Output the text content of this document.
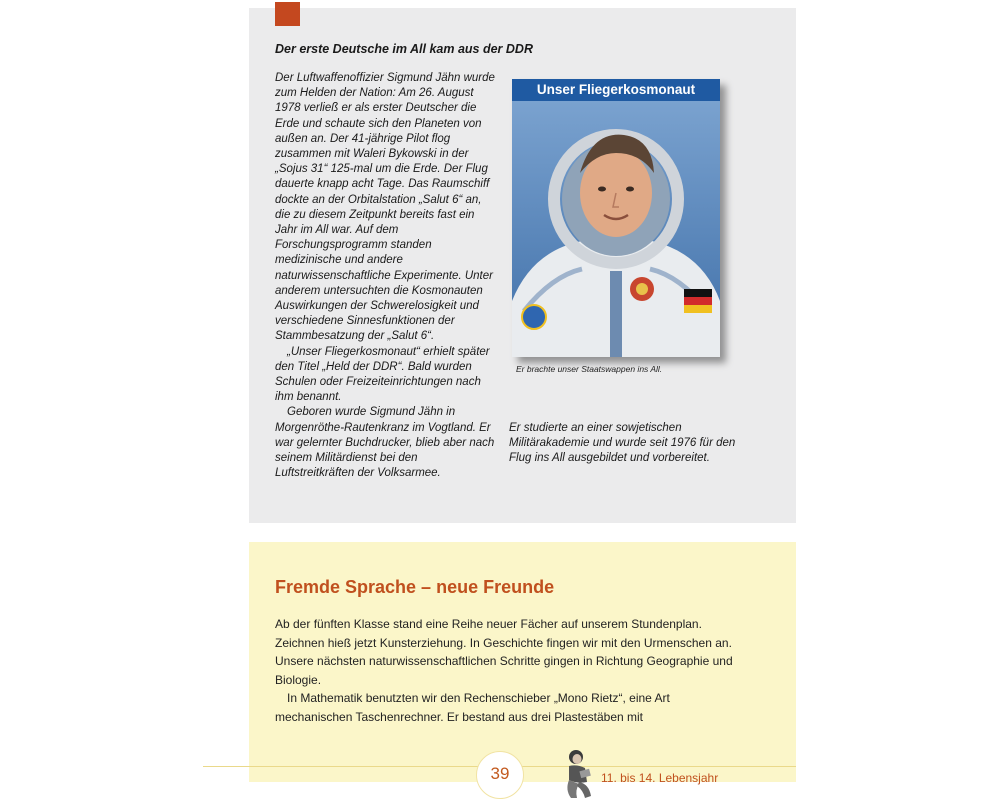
Der erste Deutsche im All kam aus der DDR

Der Luftwaffenoffizier Sigmund Jähn wurde zum Helden der Nation: Am 26. August 1978 verließ er als erster Deutscher die Erde und schaute sich den Planeten von außen an. Der 41-jährige Pilot flog zusammen mit Waleri Bykowski in der „Sojus 31“ 125-mal um die Erde. Der Flug dauerte knapp acht Tage. Das Raumschiff dockte an der Orbitalstation „Salut 6“ an, die zu diesem Zeitpunkt bereits fast ein Jahr im All war. Auf dem Forschungsprogramm standen medizinische und andere naturwissenschaftliche Experimente. Unter anderem untersuchten die Kosmonauten Auswirkungen der Schwerelosigkeit und verschiedene Sinnesfunktionen der Stammbesatzung der „Salut 6“.

„Unser Fliegerkosmonaut“ erhielt später den Titel „Held der DDR“. Bald wurden Schulen oder Freizeiteinrichtungen nach ihm benannt.

Geboren wurde Sigmund Jähn in Morgenröthe-Rautenkranz im Vogtland. Er war gelernter Buchdrucker, blieb aber nach seinem Militärdienst bei den Luftstreitkräften der Volksarmee.

Unser Fliegerkosmonaut
Er brachte unser Staatswappen ins All.

Er studierte an einer sowjetischen Militärakademie und wurde seit 1976 für den Flug ins All ausgebildet und vorbereitet.

Fremde Sprache – neue Freunde

Ab der fünften Klasse stand eine Reihe neuer Fächer auf unserem Stundenplan. Zeichnen hieß jetzt Kunsterziehung. In Geschichte fingen wir mit den Urmenschen an. Unsere nächsten naturwissenschaftlichen Schritte gingen in Richtung Geographie und Biologie.

In Mathematik benutzten wir den Rechenschieber „Mono Rietz“, eine Art mechanischen Taschenrechner. Er bestand aus drei Plastestäben mit

39	11. bis 14. Lebensjahr
